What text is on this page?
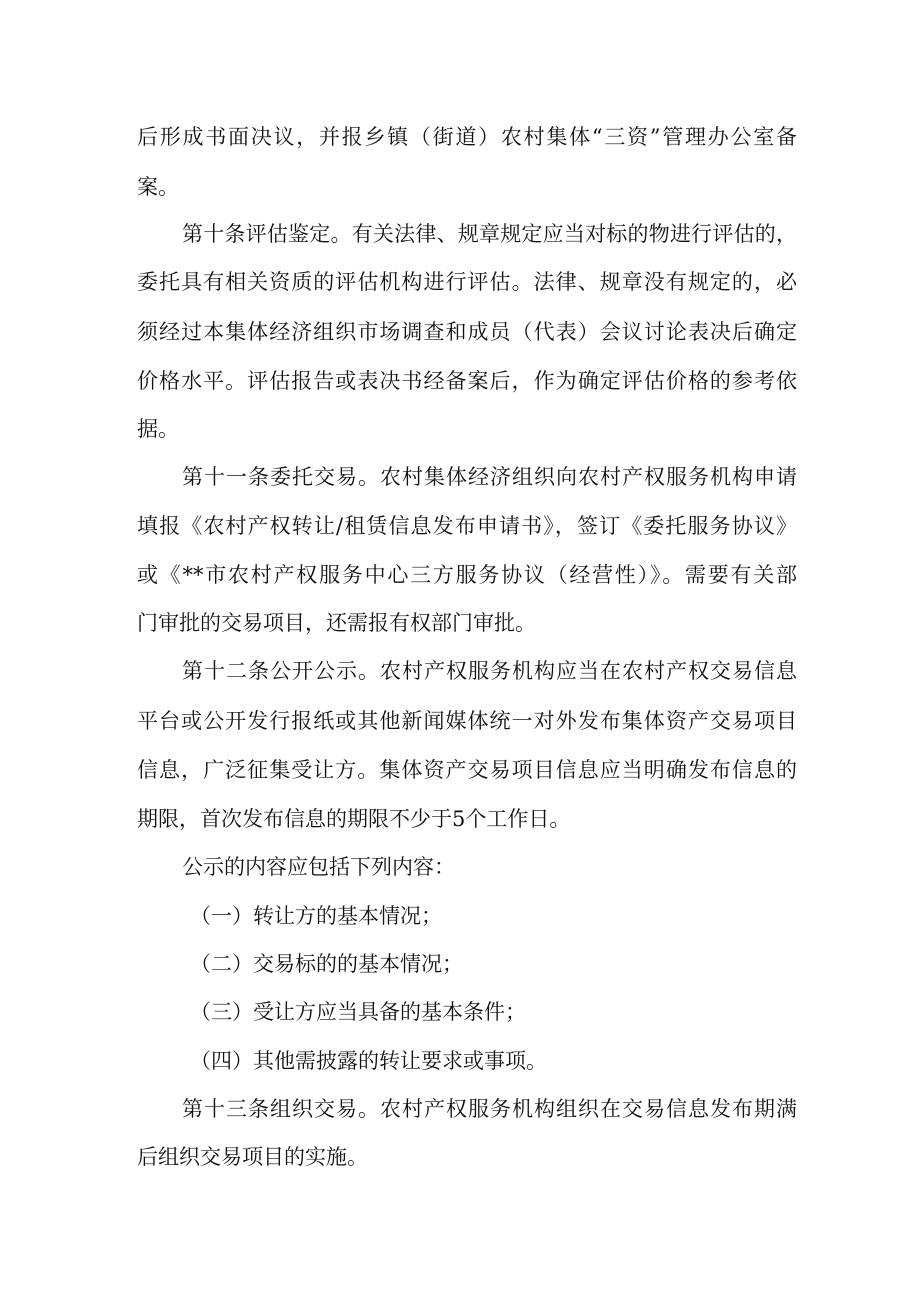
后形成书面决议，并报乡镇（街道）农村集体“三资”管理办公室备
案。
第十条评估鉴定。有关法律、规章规定应当对标的物进行评估的，
委托具有相关资质的评估机构进行评估。法律、规章没有规定的，必
须经过本集体经济组织市场调查和成员（代表）会议讨论表决后确定
价格水平。评估报告或表决书经备案后，作为确定评估价格的参考依
据。
第十一条委托交易。农村集体经济组织向农村产权服务机构申请
填报《农村产权转让/租赁信息发布申请书》，签订《委托服务协议》
或《**市农村产权服务中心三方服务协议（经营性）》。需要有关部
门审批的交易项目，还需报有权部门审批。
第十二条公开公示。农村产权服务机构应当在农村产权交易信息
平台或公开发行报纸或其他新闻媒体统一对外发布集体资产交易项目
信息，广泛征集受让方。集体资产交易项目信息应当明确发布信息的
期限，首次发布信息的期限不少于5个工作日。
公示的内容应包括下列内容：
（一）转让方的基本情况；
（二）交易标的的基本情况；
（三）受让方应当具备的基本条件；
（四）其他需披露的转让要求或事项。
第十三条组织交易。农村产权服务机构组织在交易信息发布期满
后组织交易项目的实施。
